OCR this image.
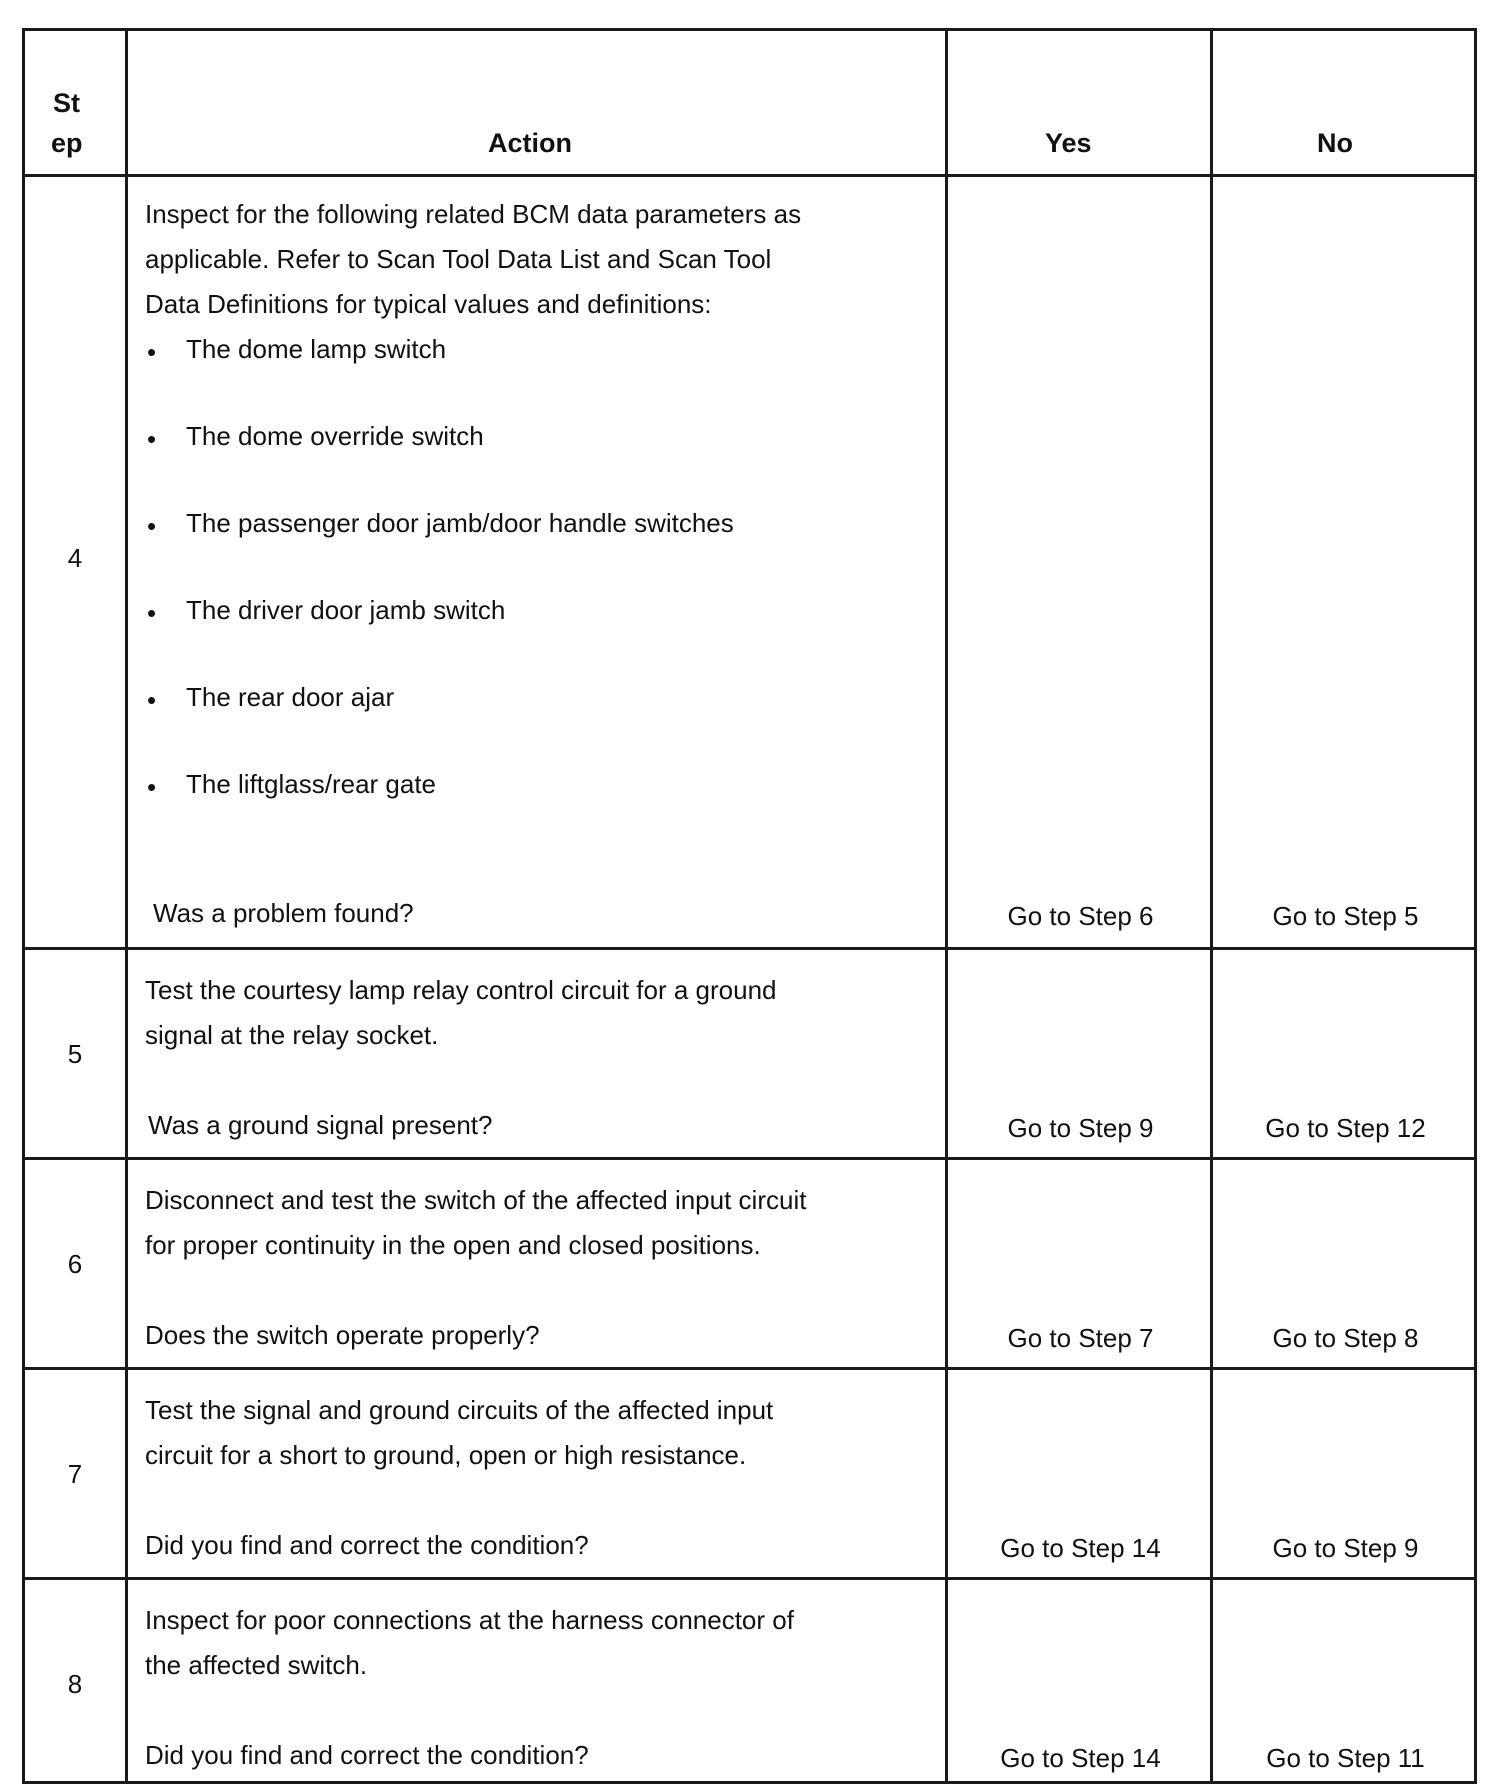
St
ep	Action	Yes	No
4
Inspect for the following related BCM data parameters as
applicable. Refer to Scan Tool Data List and Scan Tool
Data Definitions for typical values and definitions:
• The dome lamp switch
• The dome override switch
• The passenger door jamb/door handle switches
• The driver door jamb switch
• The rear door ajar
• The liftglass/rear gate
Was a problem found?	Go to Step 6	Go to Step 5
5
Test the courtesy lamp relay control circuit for a ground
signal at the relay socket.
Was a ground signal present?	Go to Step 9	Go to Step 12
6
Disconnect and test the switch of the affected input circuit
for proper continuity in the open and closed positions.
Does the switch operate properly?	Go to Step 7	Go to Step 8
7
Test the signal and ground circuits of the affected input
circuit for a short to ground, open or high resistance.
Did you find and correct the condition?	Go to Step 14	Go to Step 9
8
Inspect for poor connections at the harness connector of
the affected switch.
Did you find and correct the condition?	Go to Step 14	Go to Step 11
